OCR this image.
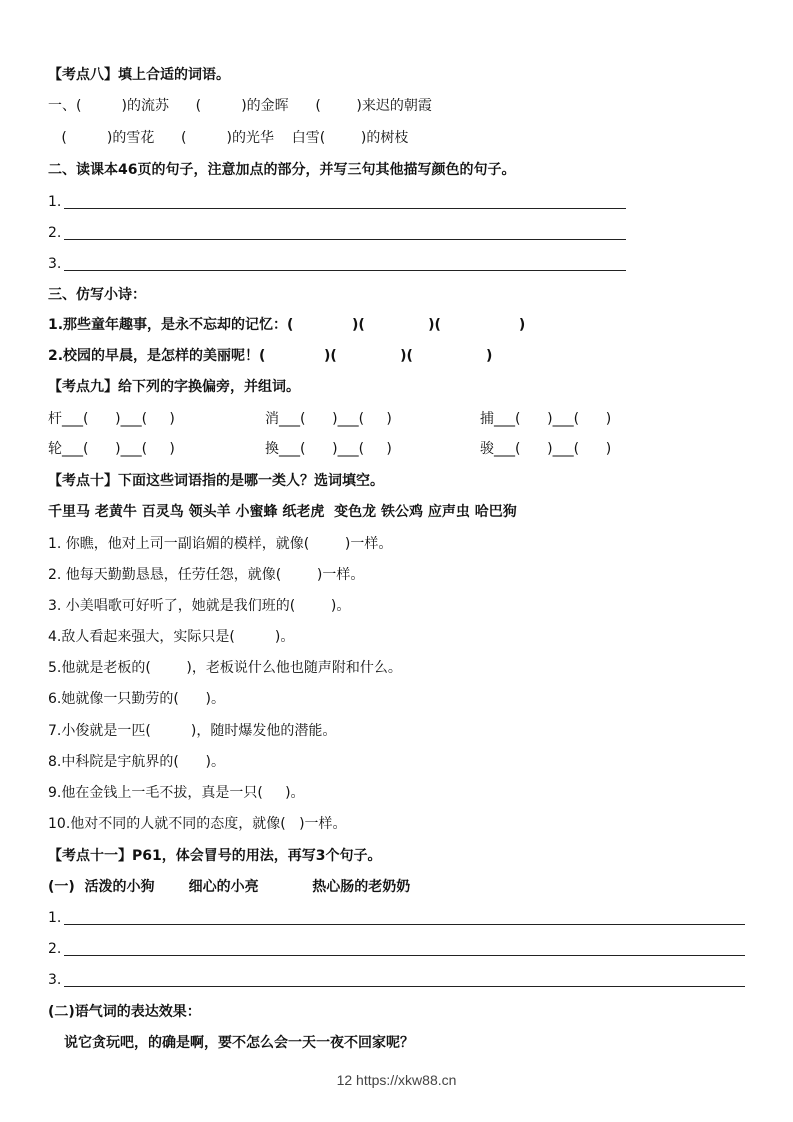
【考点八】填上合适的词语。
一、(         )的流苏      (         )的金晖      (        )来迟的朝霞
(         )的雪花      (         )的光华    白雪(        )的树枝
二、读课本46页的句子，注意加点的部分，并写三句其他描写颜色的句子。
1.
2.
3.
三、仿写小诗：
1.那些童年趣事，是永不忘却的记忆：(            )(             )(                )
2.校园的早晨，是怎样的美丽呢！(            )(             )(               )
【考点九】给下列的字换偏旁，并组词。
杆___(      )___(     )	消___(      )___(     )	捕___(      )___(      )
轮___(      )___(     )	換___(      )___(     )	骏___(      )___(      )
【考点十】下面这些词语指的是哪一类人？选词填空。
千里马 老黄牛 百灵鸟 领头羊 小蜜蜂 纸老虎  变色龙 铁公鸡 应声虫 哈巴狗
1. 你瞧，他对上司一副谄媚的模样，就像(        )一样。
2. 他每天勤勤恳恳，任劳任怨，就像(        )一样。
3. 小美唱歌可好听了，她就是我们班的(        )。
4.敌人看起来强大，实际只是(         )。
5.他就是老板的(        )，老板说什么他也随声附和什么。
6.她就像一只勤劳的(      )。
7.小俊就是一匹(         )，随时爆发他的潜能。
8.中科院是宇航界的(      )。
9.他在金钱上一毛不拔，真是一只(     )。
10.他对不同的人就不同的态度，就像(   )一样。
【考点十一】P61，体会冒号的用法，再写3个句子。
(一)  活泼的小狗       细心的小亮           热心肠的老奶奶
1.
2.
3.
(二)语气词的表达效果：
说它贪玩吧，的确是啊，要不怎么会一天一夜不回家呢？
12 https://xkw88.cn
